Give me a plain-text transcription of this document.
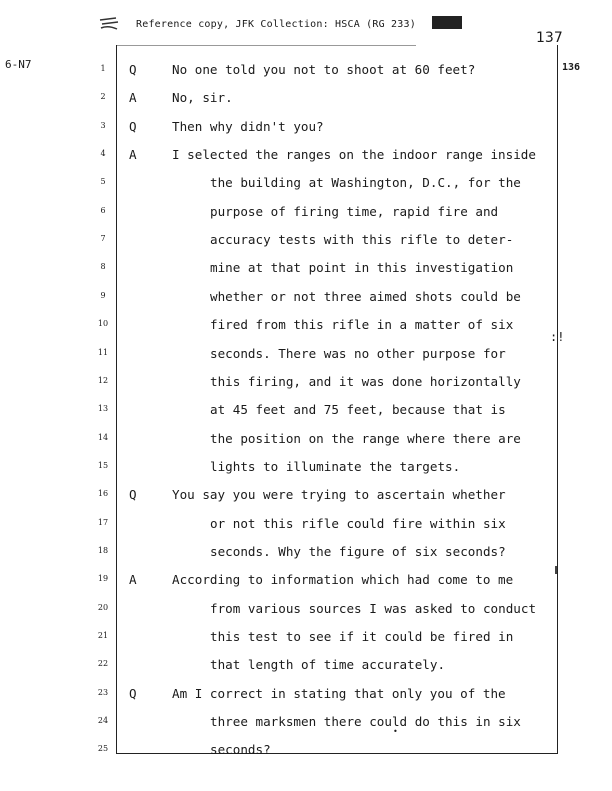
Reference copy, JFK Collection: HSCA (RG 233)
137
6-N7	136
:!
1	Q	No one told you not to shoot at 60 feet?
2	A	No, sir.
3	Q	Then why didn't you?
4	A	I selected the ranges on the indoor range inside
5	the building at Washington, D.C., for the
6	purpose of firing time, rapid fire and
7	accuracy tests with this rifle to deter-
8	mine at that point in this investigation
9	whether or not three aimed shots could be
10	fired from this rifle in a matter of six
11	seconds. There was no other purpose for
12	this firing, and it was done horizontally
13	at 45 feet and 75 feet, because that is
14	the position on the range where there are
15	lights to illuminate the targets.
16 Q	You say you were trying to ascertain whether
17	or not this rifle could fire within six
18	seconds. Why the figure of six seconds?
19 A	According to information which had come to me
20	from various sources I was asked to conduct
21	this test to see if it could be fired in
22	that length of time accurately.
23 Q	Am I correct in stating that only you of the
24	three marksmen there could do this in six
25	seconds?
•
